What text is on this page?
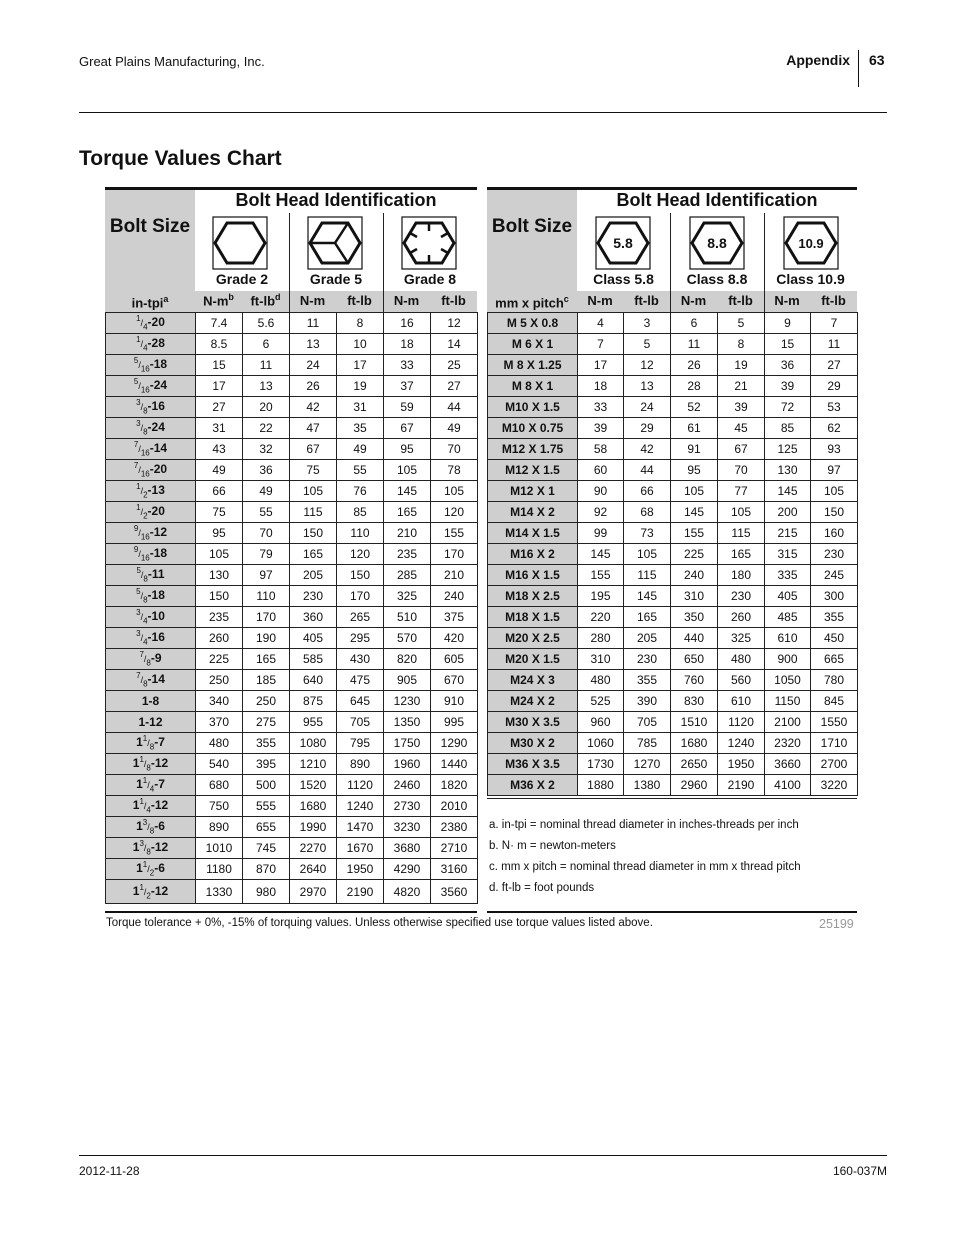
Great Plains Manufacturing, Inc.	Appendix 63
Torque Values Chart
Bolt Size
Bolt Head Identification
Grade 2	Grade 5	Grade 8
in-tpi$^a$	$N-m^b$	$ft-lb^d$	N-m	ft-lb	N-m	ft-lb
$^1/_4-20$	7.4	5.6	11	8	16	12
$^1/_4-28$	8.5	6	13	10	18	14
$^5/_{16}-18$	15	11	24	17	33	25
$^5/_{16}-24$	17	13	26	19	37	27
$^3/_8-16$	27	20	42	31	59	44
$^3/_8-24$	31	22	47	35	67	49
$^7/_{16}-14$	43	32	67	49	95	70
$^7/_{16}-20$	49	36	75	55	105	78
$^1/_2-13$	66	49	105	76	145	105
$^1/_2-20$	75	55	115	85	165	120
$^9/_{16}-12$	95	70	150	110	210	155
$^9/_{16}-18$	105	79	165	120	235	170
$^5/_8-11$	130	97	205	150	285	210
$^5/_8-18$	150	110	230	170	325	240
$^3/_4-10$	235	170	360	265	510	375
$^3/_4-16$	260	190	405	295	570	420
$^7/_8-9$	225	165	585	430	820	605
$^7/_8-14$	250	185	640	475	905	670
1-8	340	250	875	645	1230	910
1-12	370	275	955	705	1350	995
$1^1/_8-7$	480	355	1080	795	1750	1290
$1^1/_8-12$	540	395	1210	890	1960	1440
$1^1/_4-7$	680	500	1520	1120	2460	1820
$1^1/_4-12$	750	555	1680	1240	2730	2010
$1^3/_8-6$	890	655	1990	1470	3230	2380
$1^3/_8-12$	1010	745	2270	1670	3680	2710
$1^1/_2-6$	1180	870	2640	1950	4290	3160
$1^1/_2-12$	1330	980	2970	2190	4820	3560
Bolt Size
Bolt Head Identification
5.8	8.8	10.9
Class 5.8	Class 8.8	Class 10.9
mm x pitch$^c$	N-m	ft-lb	N-m	ft-lb	N-m	ft-lb
M 5 X 0.8	4	3	6	5	9	7
M 6 X 1	7	5	11	8	15	11
M 8 X 1.25	17	12	26	19	36	27
M 8 X 1	18	13	28	21	39	29
M10 X 1.5	33	24	52	39	72	53
M10 X 0.75	39	29	61	45	85	62
M12 X 1.75	58	42	91	67	125	93
M12 X 1.5	60	44	95	70	130	97
M12 X 1	90	66	105	77	145	105
M14 X 2	92	68	145	105	200	150
M14 X 1.5	99	73	155	115	215	160
M16 X 2	145	105	225	165	315	230
M16 X 1.5	155	115	240	180	335	245
M18 X 2.5	195	145	310	230	405	300
M18 X 1.5	220	165	350	260	485	355
M20 X 2.5	280	205	440	325	610	450
M20 X 1.5	310	230	650	480	900	665
M24 X 3	480	355	760	560	1050	780
M24 X 2	525	390	830	610	1150	845
M30 X 3.5	960	705	1510	1120	2100	1550
M30 X 2	1060	785	1680	1240	2320	1710
M36 X 3.5	1730	1270	2650	1950	3660	2700
M36 X 2	1880	1380	2960	2190	4100	3220
a. in-tpi = nominal thread diameter in inches-threads per inch
b. N· m = newton-meters
c. mm x pitch = nominal thread diameter in mm x thread pitch
d. ft-lb = foot pounds
Torque tolerance + 0%, -15% of torquing values. Unless otherwise specified use torque values listed above.	25199
2012-11-28	160-037M
